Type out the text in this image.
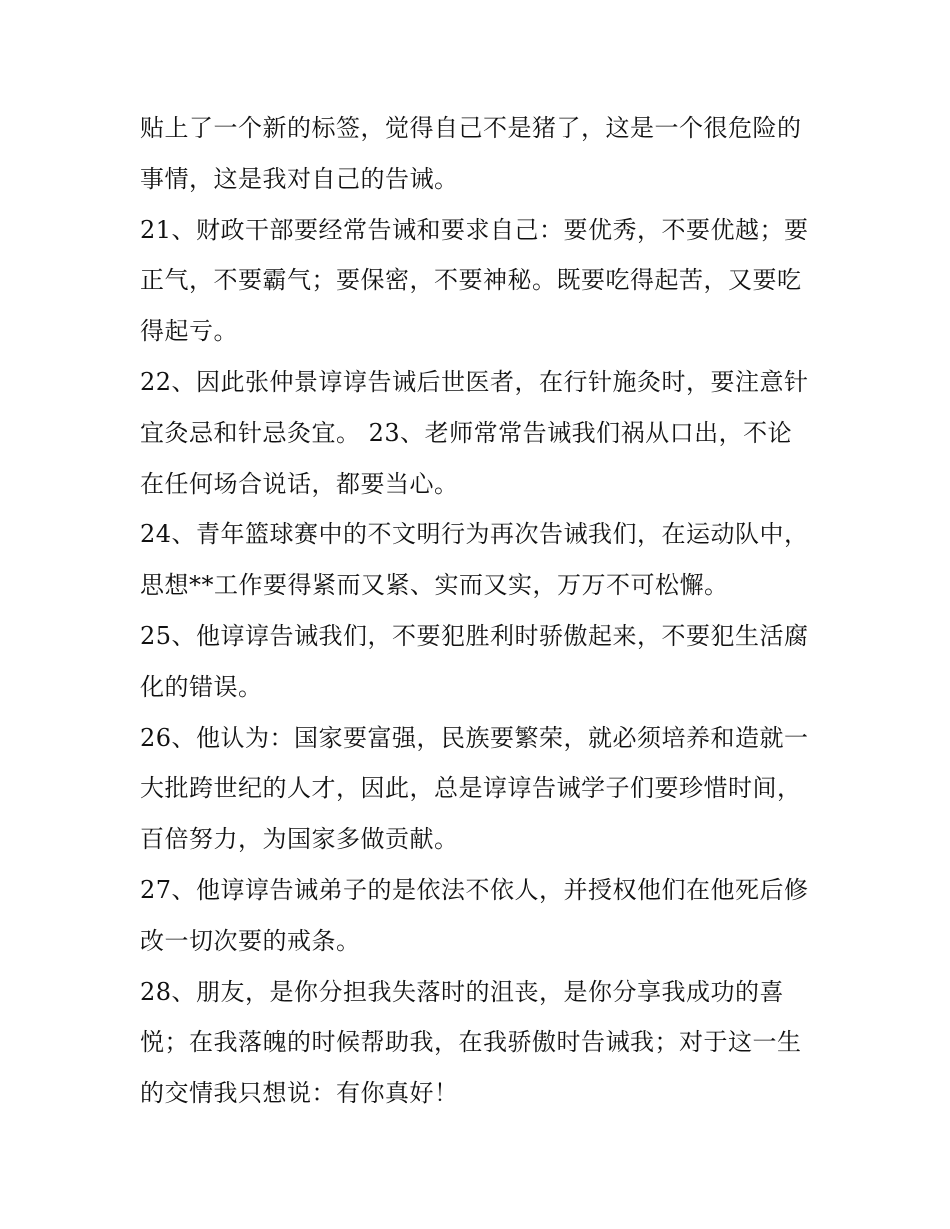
贴上了一个新的标签，觉得自己不是猪了，这是一个很危险的
事情，这是我对自己的告诫。
21、财政干部要经常告诫和要求自己：要优秀，不要优越；要
正气，不要霸气；要保密，不要神秘。既要吃得起苦，又要吃
得起亏。
22、因此张仲景谆谆告诫后世医者，在行针施灸时，要注意针
宜灸忌和针忌灸宜。 23、老师常常告诫我们祸从口出，不论
在任何场合说话，都要当心。
24、青年篮球赛中的不文明行为再次告诫我们，在运动队中，
思想**工作要得紧而又紧、实而又实，万万不可松懈。
25、他谆谆告诫我们，不要犯胜利时骄傲起来，不要犯生活腐
化的错误。
26、他认为：国家要富强，民族要繁荣，就必须培养和造就一
大批跨世纪的人才，因此，总是谆谆告诫学子们要珍惜时间，
百倍努力，为国家多做贡献。
27、他谆谆告诫弟子的是依法不依人，并授权他们在他死后修
改一切次要的戒条。
28、朋友，是你分担我失落时的沮丧，是你分享我成功的喜
悦；在我落魄的时候帮助我，在我骄傲时告诫我；对于这一生
的交情我只想说：有你真好！
